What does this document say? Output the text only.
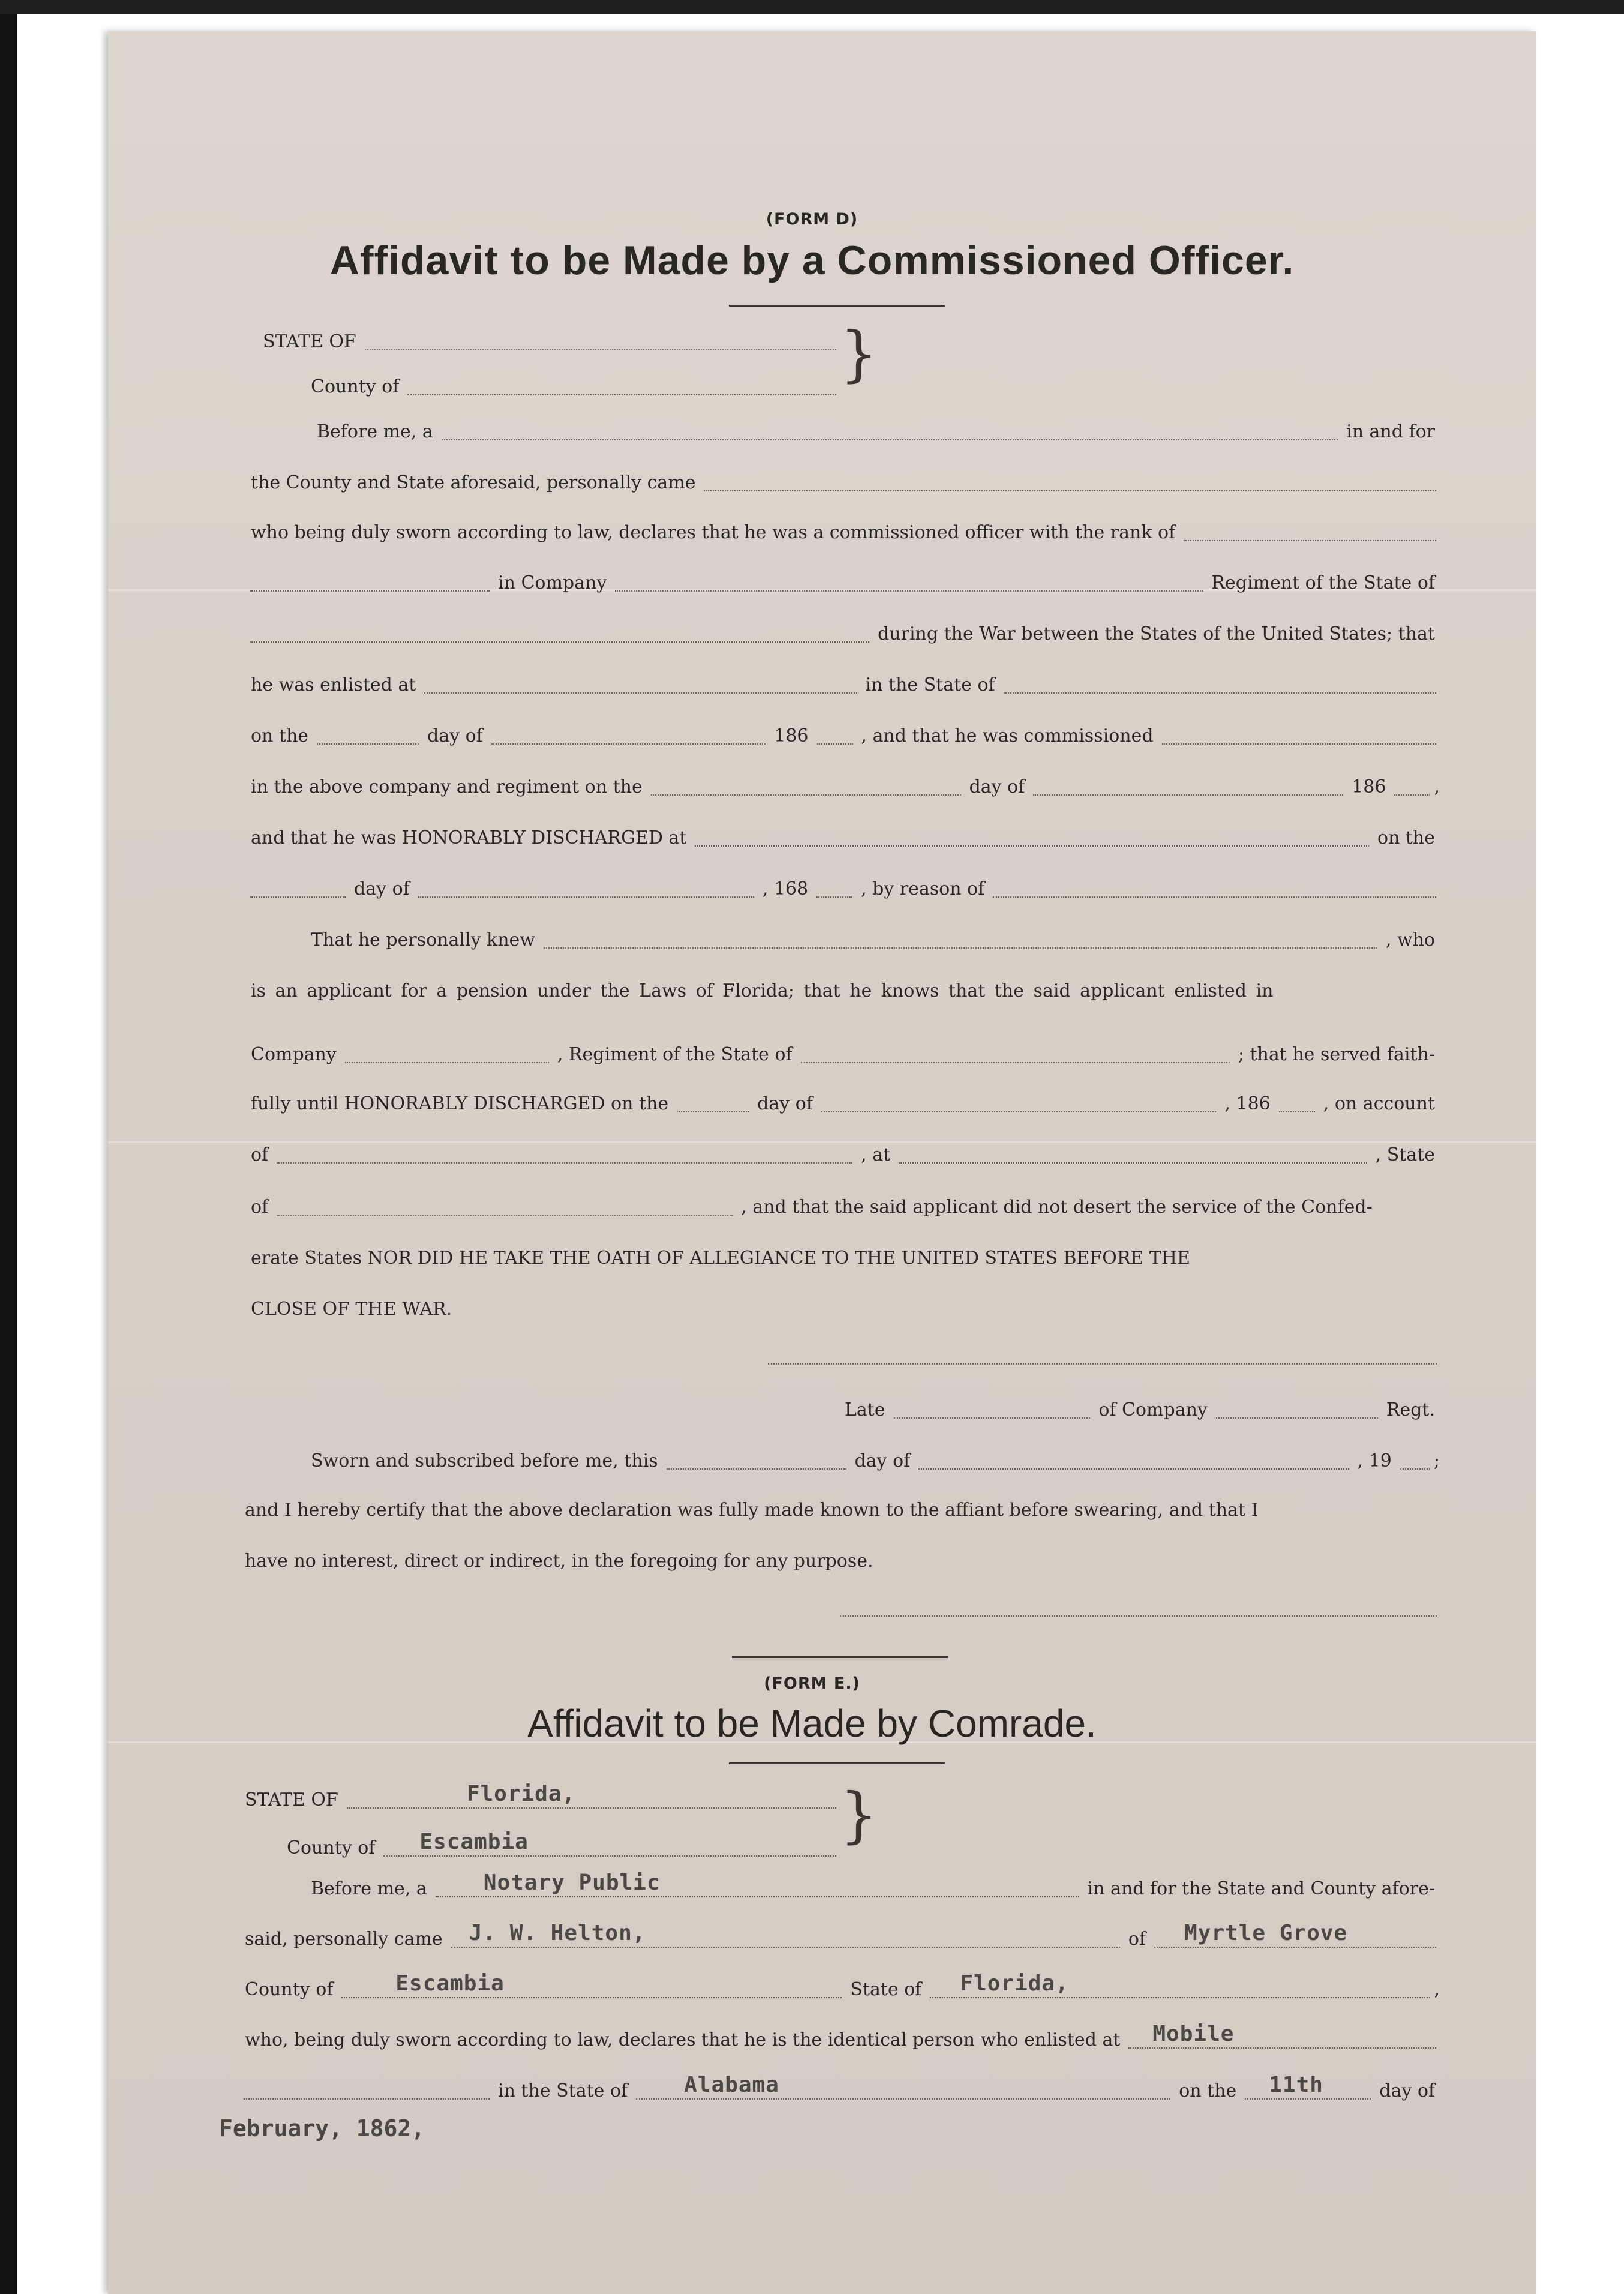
(FORM D)
Affidavit to be Made by a Commissioned Officer.
STATE OF	}
County of
Before me, a	in and for
the County and State aforesaid, personally came
who being duly sworn according to law, declares that he was a commissioned officer with the rank of
in Company	Regiment of the State of
during the War between the States of the United States; that
he was enlisted at	in the State of
on the	day of	186	, and that he was commissioned
in the above company and regiment on the	day of	186	,
and that he was HONORABLY DISCHARGED at	on the
day of	, 168	, by reason of
That he personally knew	, who
is an applicant for a pension under the Laws of Florida; that he knows that the said applicant enlisted in
Company	, Regiment of the State of	; that he served faith-
fully until HONORABLY DISCHARGED on the	day of	, 186	, on account
of	, at	, State
of	, and that the said applicant did not desert the service of the Confed-
erate States NOR DID HE TAKE THE OATH OF ALLEGIANCE TO THE UNITED STATES BEFORE THE
CLOSE OF THE WAR.
Late	of Company	Regt.
Sworn and subscribed before me, this	day of	, 19 ;
and I hereby certify that the above declaration was fully made known to the affiant before swearing, and that I
have no interest, direct or indirect, in the foregoing for any purpose.
(FORM E.)
Affidavit to be Made by Comrade.
STATE OF	Florida,	}
County of Escambia
Before me, a	Notary Public	in and for the State and County afore-
said, personally came J. W. Helton,	of Myrtle Grove
County of	Escambia	State of Florida,	,
who, being duly sworn according to law, declares that he is the identical person who enlisted at Mobile
in the State of	Alabama	on the 11th	day of
February, 1862,
